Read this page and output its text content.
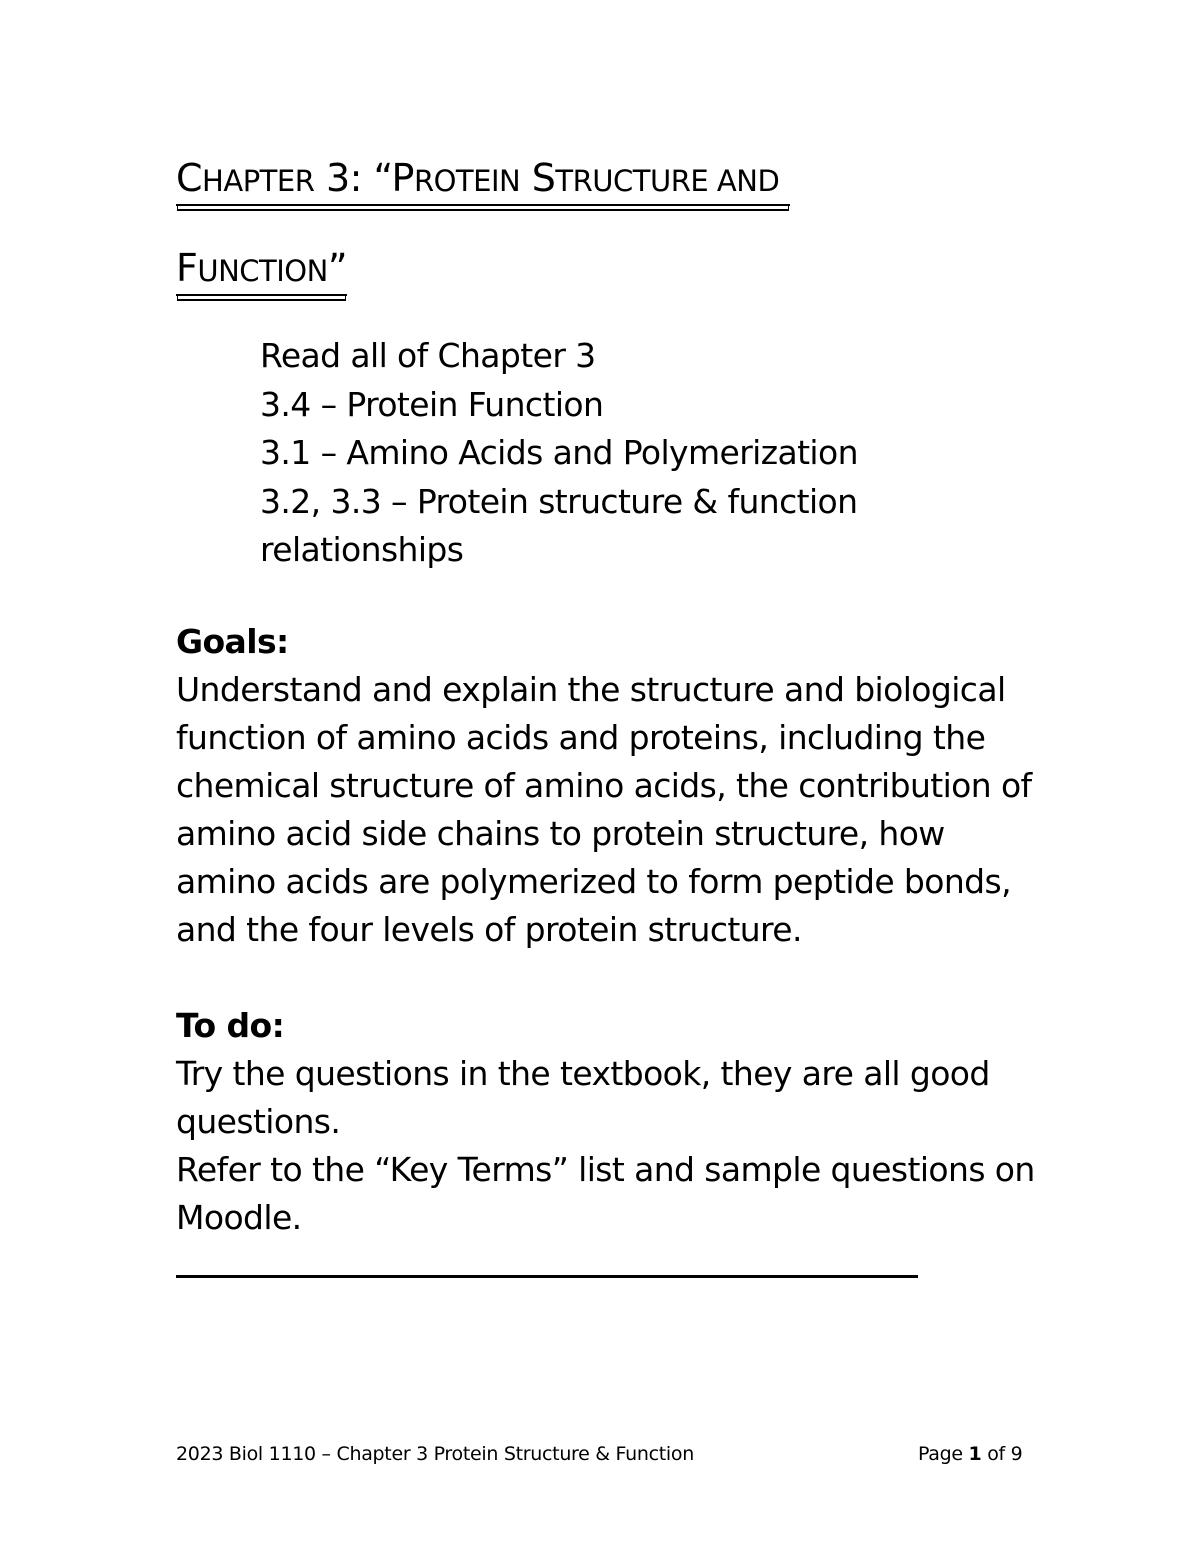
CHAPTER 3: “PROTEIN STRUCTURE AND
FUNCTION”
Read all of Chapter 3
3.4 – Protein Function
3.1 – Amino Acids and Polymerization
3.2, 3.3 – Protein structure & function
relationships
Goals:
Understand and explain the structure and biological function of amino acids and proteins, including the chemical structure of amino acids, the contribution of amino acid side chains to protein structure, how amino acids are polymerized to form peptide bonds, and the four levels of protein structure.
To do:
Try the questions in the textbook, they are all good questions.
Refer to the “Key Terms” list and sample questions on Moodle.
2023 Biol 1110 – Chapter 3 Protein Structure & Function	Page 1 of 9
